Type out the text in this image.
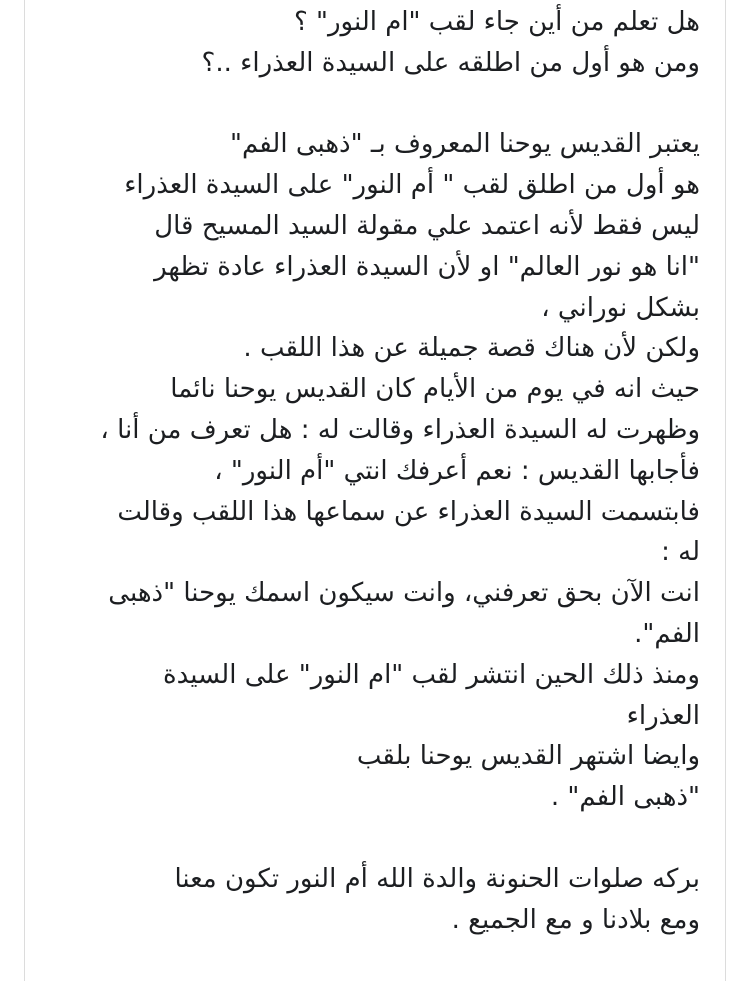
هل تعلم من أين جاء لقب "ام النور" ؟
ومن هو أول من اطلقه على السيدة العذراء ..؟
يعتبر القديس يوحنا المعروف بـ "ذهبى الفم"
هو أول من اطلق لقب " أم النور" على السيدة العذراء
ليس فقط لأنه اعتمد علي مقولة السيد المسيح قال
"انا هو نور العالم" او لأن السيدة العذراء عادة تظهر
بشكل نوراني ،
ولكن لأن هناك قصة جميلة عن هذا اللقب .
حيث انه في يوم من الأيام كان القديس يوحنا نائما
وظهرت له السيدة العذراء وقالت له : هل تعرف من أنا ،
فأجابها القديس : نعم أعرفك انتي "أم النور" ،
فابتسمت السيدة العذراء عن سماعها هذا اللقب وقالت
له :
انت الآن بحق تعرفني، وانت سيكون اسمك يوحنا "ذهبى
الفم".
ومنذ ذلك الحين انتشر لقب "ام النور" على السيدة
العذراء
وايضا اشتهر القديس يوحنا بلقب
"ذهبى الفم" .
بركه صلوات الحنونة والدة الله أم النور تكون معنا
ومع بلادنا و مع الجميع .
